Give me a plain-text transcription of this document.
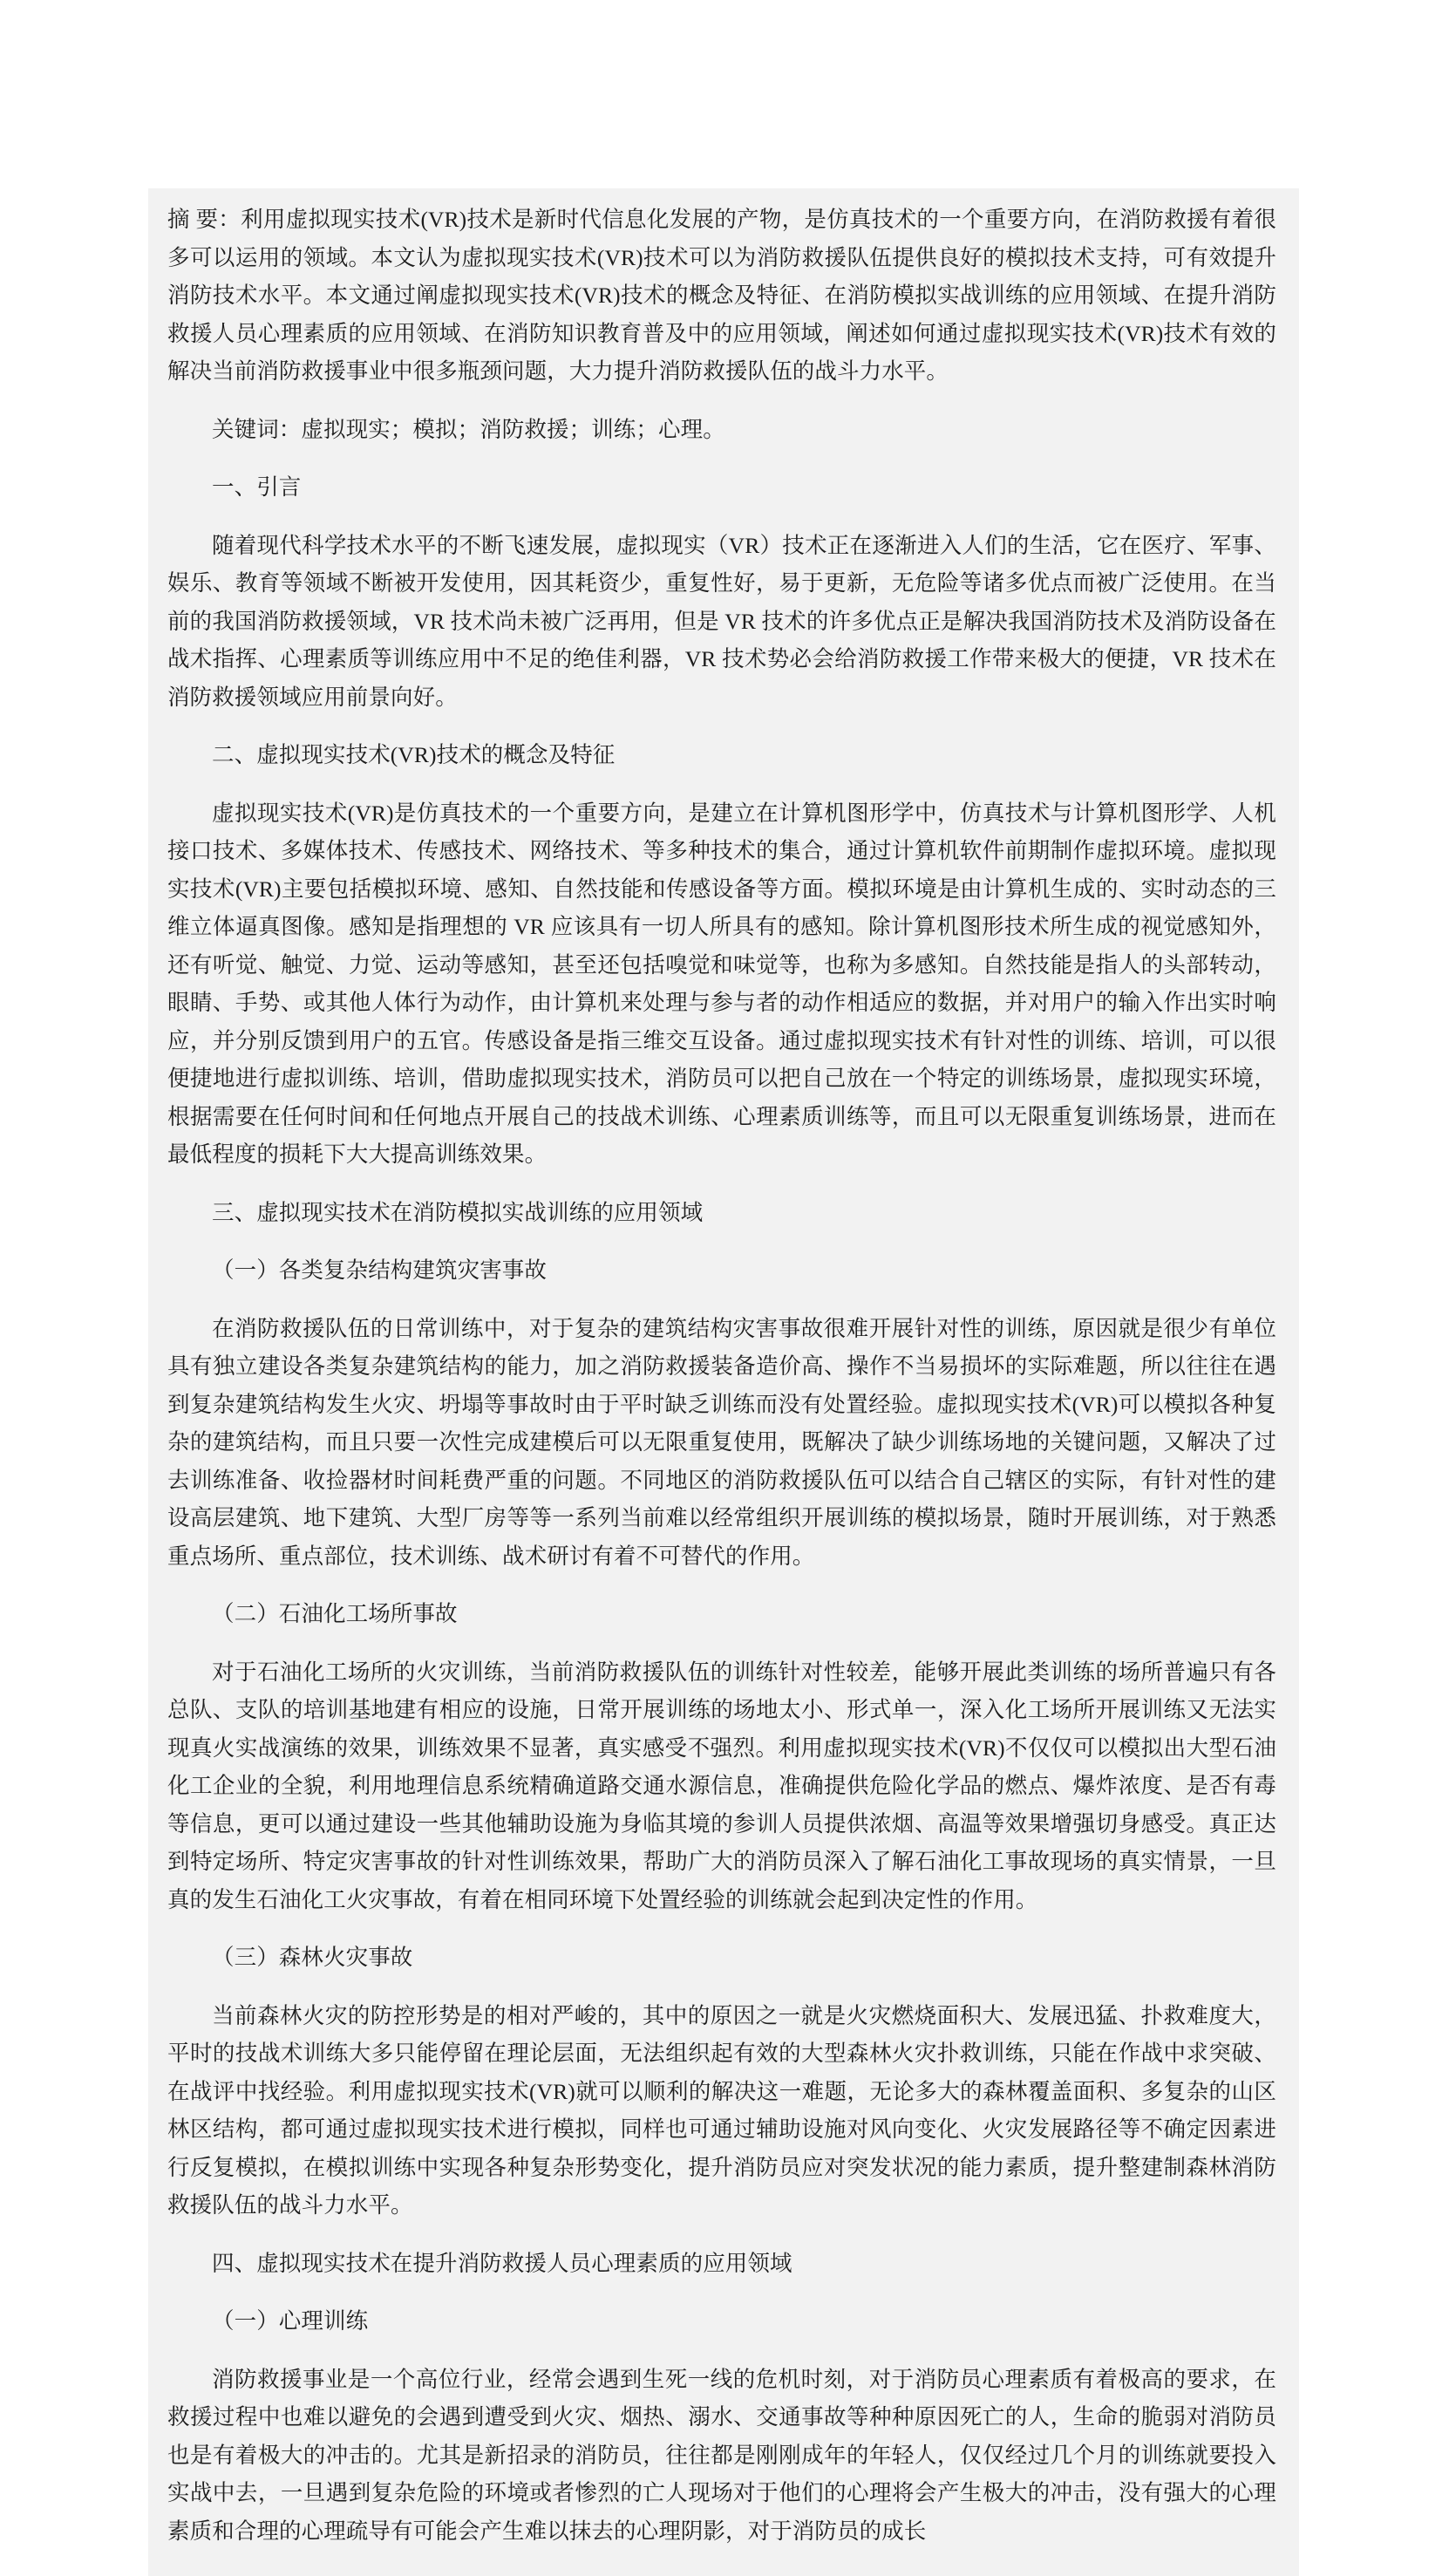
摘 要：利用虚拟现实技术(VR)技术是新时代信息化发展的产物，是仿真技术的一个重要方向，在消防救援有着很多可以运用的领域。本文认为虚拟现实技术(VR)技术可以为消防救援队伍提供良好的模拟技术支持，可有效提升消防技术水平。本文通过阐虚拟现实技术(VR)技术的概念及特征、在消防模拟实战训练的应用领域、在提升消防救援人员心理素质的应用领域、在消防知识教育普及中的应用领域，阐述如何通过虚拟现实技术(VR)技术有效的解决当前消防救援事业中很多瓶颈问题，大力提升消防救援队伍的战斗力水平。

关键词：虚拟现实；模拟；消防救援；训练；心理。

一、引言

随着现代科学技术水平的不断飞速发展，虚拟现实（VR）技术正在逐渐进入人们的生活，它在医疗、军事、娱乐、教育等领域不断被开发使用，因其耗资少，重复性好，易于更新，无危险等诸多优点而被广泛使用。在当前的我国消防救援领域，VR 技术尚未被广泛再用，但是 VR 技术的许多优点正是解决我国消防技术及消防设备在战术指挥、心理素质等训练应用中不足的绝佳利器，VR 技术势必会给消防救援工作带来极大的便捷，VR 技术在消防救援领域应用前景向好。

二、虚拟现实技术(VR)技术的概念及特征

虚拟现实技术(VR)是仿真技术的一个重要方向，是建立在计算机图形学中，仿真技术与计算机图形学、人机接口技术、多媒体技术、传感技术、网络技术、等多种技术的集合，通过计算机软件前期制作虚拟环境。虚拟现实技术(VR)主要包括模拟环境、感知、自然技能和传感设备等方面。模拟环境是由计算机生成的、实时动态的三维立体逼真图像。感知是指理想的 VR 应该具有一切人所具有的感知。除计算机图形技术所生成的视觉感知外，还有听觉、触觉、力觉、运动等感知，甚至还包括嗅觉和味觉等，也称为多感知。自然技能是指人的头部转动，眼睛、手势、或其他人体行为动作，由计算机来处理与参与者的动作相适应的数据，并对用户的输入作出实时响应，并分别反馈到用户的五官。传感设备是指三维交互设备。通过虚拟现实技术有针对性的训练、培训，可以很便捷地进行虚拟训练、培训，借助虚拟现实技术，消防员可以把自己放在一个特定的训练场景，虚拟现实环境，根据需要在任何时间和任何地点开展自己的技战术训练、心理素质训练等，而且可以无限重复训练场景，进而在最低程度的损耗下大大提高训练效果。

三、虚拟现实技术在消防模拟实战训练的应用领域

（一）各类复杂结构建筑灾害事故

在消防救援队伍的日常训练中，对于复杂的建筑结构灾害事故很难开展针对性的训练，原因就是很少有单位具有独立建设各类复杂建筑结构的能力，加之消防救援装备造价高、操作不当易损坏的实际难题，所以往往在遇到复杂建筑结构发生火灾、坍塌等事故时由于平时缺乏训练而没有处置经验。虚拟现实技术(VR)可以模拟各种复杂的建筑结构，而且只要一次性完成建模后可以无限重复使用，既解决了缺少训练场地的关键问题，又解决了过去训练准备、收捡器材时间耗费严重的问题。不同地区的消防救援队伍可以结合自己辖区的实际，有针对性的建设高层建筑、地下建筑、大型厂房等等一系列当前难以经常组织开展训练的模拟场景，随时开展训练，对于熟悉重点场所、重点部位，技术训练、战术研讨有着不可替代的作用。

（二）石油化工场所事故

对于石油化工场所的火灾训练，当前消防救援队伍的训练针对性较差，能够开展此类训练的场所普遍只有各总队、支队的培训基地建有相应的设施，日常开展训练的场地太小、形式单一，深入化工场所开展训练又无法实现真火实战演练的效果，训练效果不显著，真实感受不强烈。利用虚拟现实技术(VR)不仅仅可以模拟出大型石油化工企业的全貌，利用地理信息系统精确道路交通水源信息，准确提供危险化学品的燃点、爆炸浓度、是否有毒等信息，更可以通过建设一些其他辅助设施为身临其境的参训人员提供浓烟、高温等效果增强切身感受。真正达到特定场所、特定灾害事故的针对性训练效果，帮助广大的消防员深入了解石油化工事故现场的真实情景，一旦真的发生石油化工火灾事故，有着在相同环境下处置经验的训练就会起到决定性的作用。

（三）森林火灾事故

当前森林火灾的防控形势是的相对严峻的，其中的原因之一就是火灾燃烧面积大、发展迅猛、扑救难度大，平时的技战术训练大多只能停留在理论层面，无法组织起有效的大型森林火灾扑救训练，只能在作战中求突破、在战评中找经验。利用虚拟现实技术(VR)就可以顺利的解决这一难题，无论多大的森林覆盖面积、多复杂的山区林区结构，都可通过虚拟现实技术进行模拟，同样也可通过辅助设施对风向变化、火灾发展路径等不确定因素进行反复模拟，在模拟训练中实现各种复杂形势变化，提升消防员应对突发状况的能力素质，提升整建制森林消防救援队伍的战斗力水平。

四、虚拟现实技术在提升消防救援人员心理素质的应用领域

（一）心理训练

消防救援事业是一个高位行业，经常会遇到生死一线的危机时刻，对于消防员心理素质有着极高的要求，在救援过程中也难以避免的会遇到遭受到火灾、烟热、溺水、交通事故等种种原因死亡的人，生命的脆弱对消防员也是有着极大的冲击的。尤其是新招录的消防员，往往都是刚刚成年的年轻人，仅仅经过几个月的训练就要投入实战中去，一旦遇到复杂危险的环境或者惨烈的亡人现场对于他们的心理将会产生极大的冲击，没有强大的心理素质和合理的心理疏导有可能会产生难以抹去的心理阴影，对于消防员的成长
